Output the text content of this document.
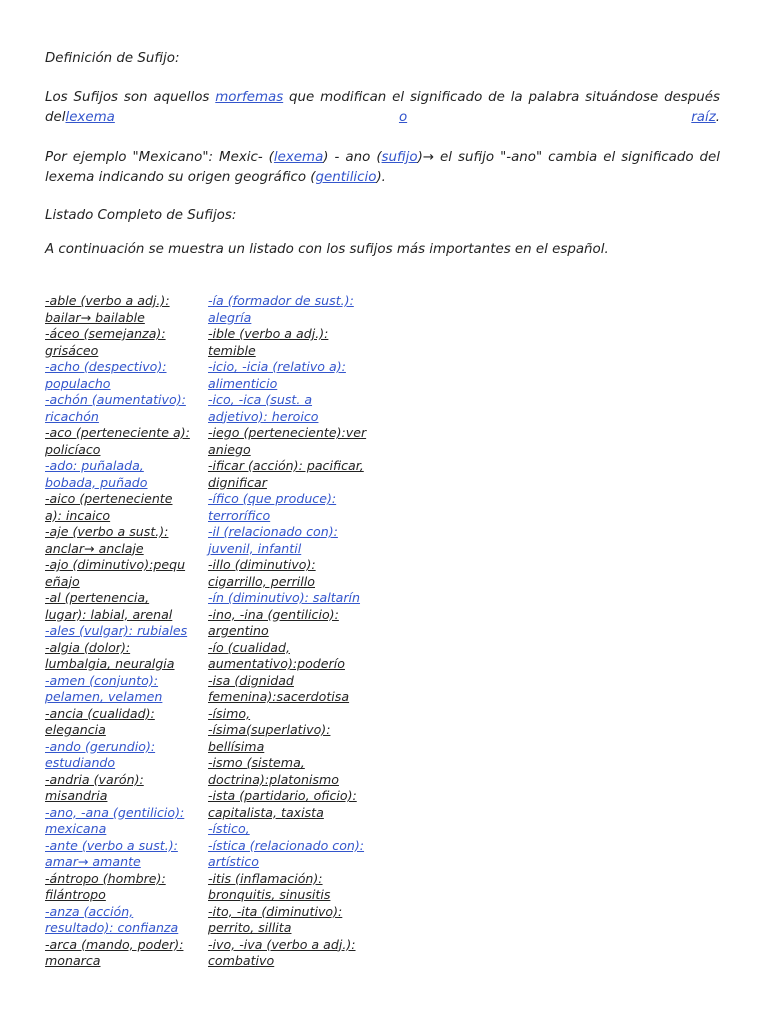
Definición de Sufijo:

Los Sufijos son aquellos morfemas que modifican el significado de la palabra situándose después

dellexema	o	raíz.

Por ejemplo "Mexicano": Mexic- (lexema) - ano (sufijo)→ el sufijo "-ano" cambia el significado del

lexema indicando su origen geográfico (gentilicio).

Listado Completo de Sufijos:

A continuación se muestra un listado con los sufijos más importantes en el español.

-able (verbo a adj.):
bailar→ bailable
-áceo (semejanza):
grisáceo
-acho (despectivo):
populacho
-achón (aumentativo):
ricachón
-aco (perteneciente a):
policíaco
-ado: puñalada,
bobada, puñado
-aico (perteneciente
a): incaico
-aje (verbo a sust.):
anclar→ anclaje
-ajo (diminutivo):pequ
eñajo
-al (pertenencia,
lugar): labial, arenal
-ales (vulgar): rubiales
-algia (dolor):
lumbalgia, neuralgia
-amen (conjunto):
pelamen, velamen
-ancia (cualidad):
elegancia
-ando (gerundio):
estudiando
-andria (varón):
misandria
-ano, -ana (gentilicio):
mexicana
-ante (verbo a sust.):
amar→ amante
-ántropo (hombre):
filántropo
-anza (acción,
resultado): confianza
-arca (mando, poder):
monarca
-ía (formador de sust.):
alegría
-ible (verbo a adj.):
temible
-icio, -icia (relativo a):
alimenticio
-ico, -ica (sust. a
adjetivo): heroico
-iego (perteneciente):ver
aniego
-ificar (acción): pacificar,
dignificar
-ífico (que produce):
terrorífico
-il (relacionado con):
juvenil, infantil
-illo (diminutivo):
cigarrillo, perrillo
-ín (diminutivo): saltarín
-ino, -ina (gentilicio):
argentino
-ío (cualidad,
aumentativo):poderío
-isa (dignidad
femenina):sacerdotisa
-ísimo,
-ísima(superlativo):
bellísima
-ismo (sistema,
doctrina):platonismo
-ista (partidario, oficio):
capitalista, taxista
-ístico,
-ística (relacionado con):
artístico
-itis (inflamación):
bronquitis, sinusitis
-ito, -ita (diminutivo):
perrito, sillita
-ivo, -iva (verbo a adj.):
combativo
